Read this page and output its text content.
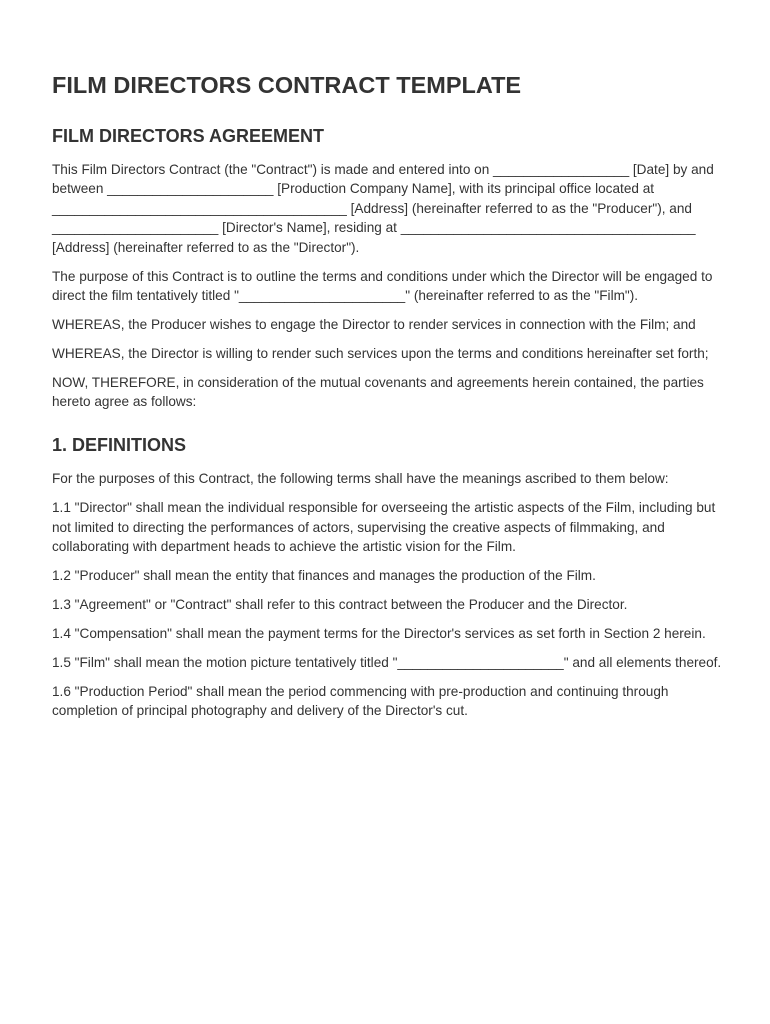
FILM DIRECTORS CONTRACT TEMPLATE
FILM DIRECTORS AGREEMENT

This Film Directors Contract (the "Contract") is made and entered into on __________________ [Date] by and between ______________________ [Production Company Name], with its principal office located at _______________________________________ [Address] (hereinafter referred to as the "Producer"), and ______________________ [Director's Name], residing at _______________________________________ [Address] (hereinafter referred to as the "Director").

The purpose of this Contract is to outline the terms and conditions under which the Director will be engaged to direct the film tentatively titled "______________________" (hereinafter referred to as the "Film").

WHEREAS, the Producer wishes to engage the Director to render services in connection with the Film; and

WHEREAS, the Director is willing to render such services upon the terms and conditions hereinafter set forth;

NOW, THEREFORE, in consideration of the mutual covenants and agreements herein contained, the parties hereto agree as follows:

1. DEFINITIONS

For the purposes of this Contract, the following terms shall have the meanings ascribed to them below:

1.1 "Director" shall mean the individual responsible for overseeing the artistic aspects of the Film, including but not limited to directing the performances of actors, supervising the creative aspects of filmmaking, and collaborating with department heads to achieve the artistic vision for the Film.

1.2 "Producer" shall mean the entity that finances and manages the production of the Film.

1.3 "Agreement" or "Contract" shall refer to this contract between the Producer and the Director.

1.4 "Compensation" shall mean the payment terms for the Director's services as set forth in Section 2 herein.

1.5 "Film" shall mean the motion picture tentatively titled "______________________" and all elements thereof.

1.6 "Production Period" shall mean the period commencing with pre-production and continuing through completion of principal photography and delivery of the Director's cut.
